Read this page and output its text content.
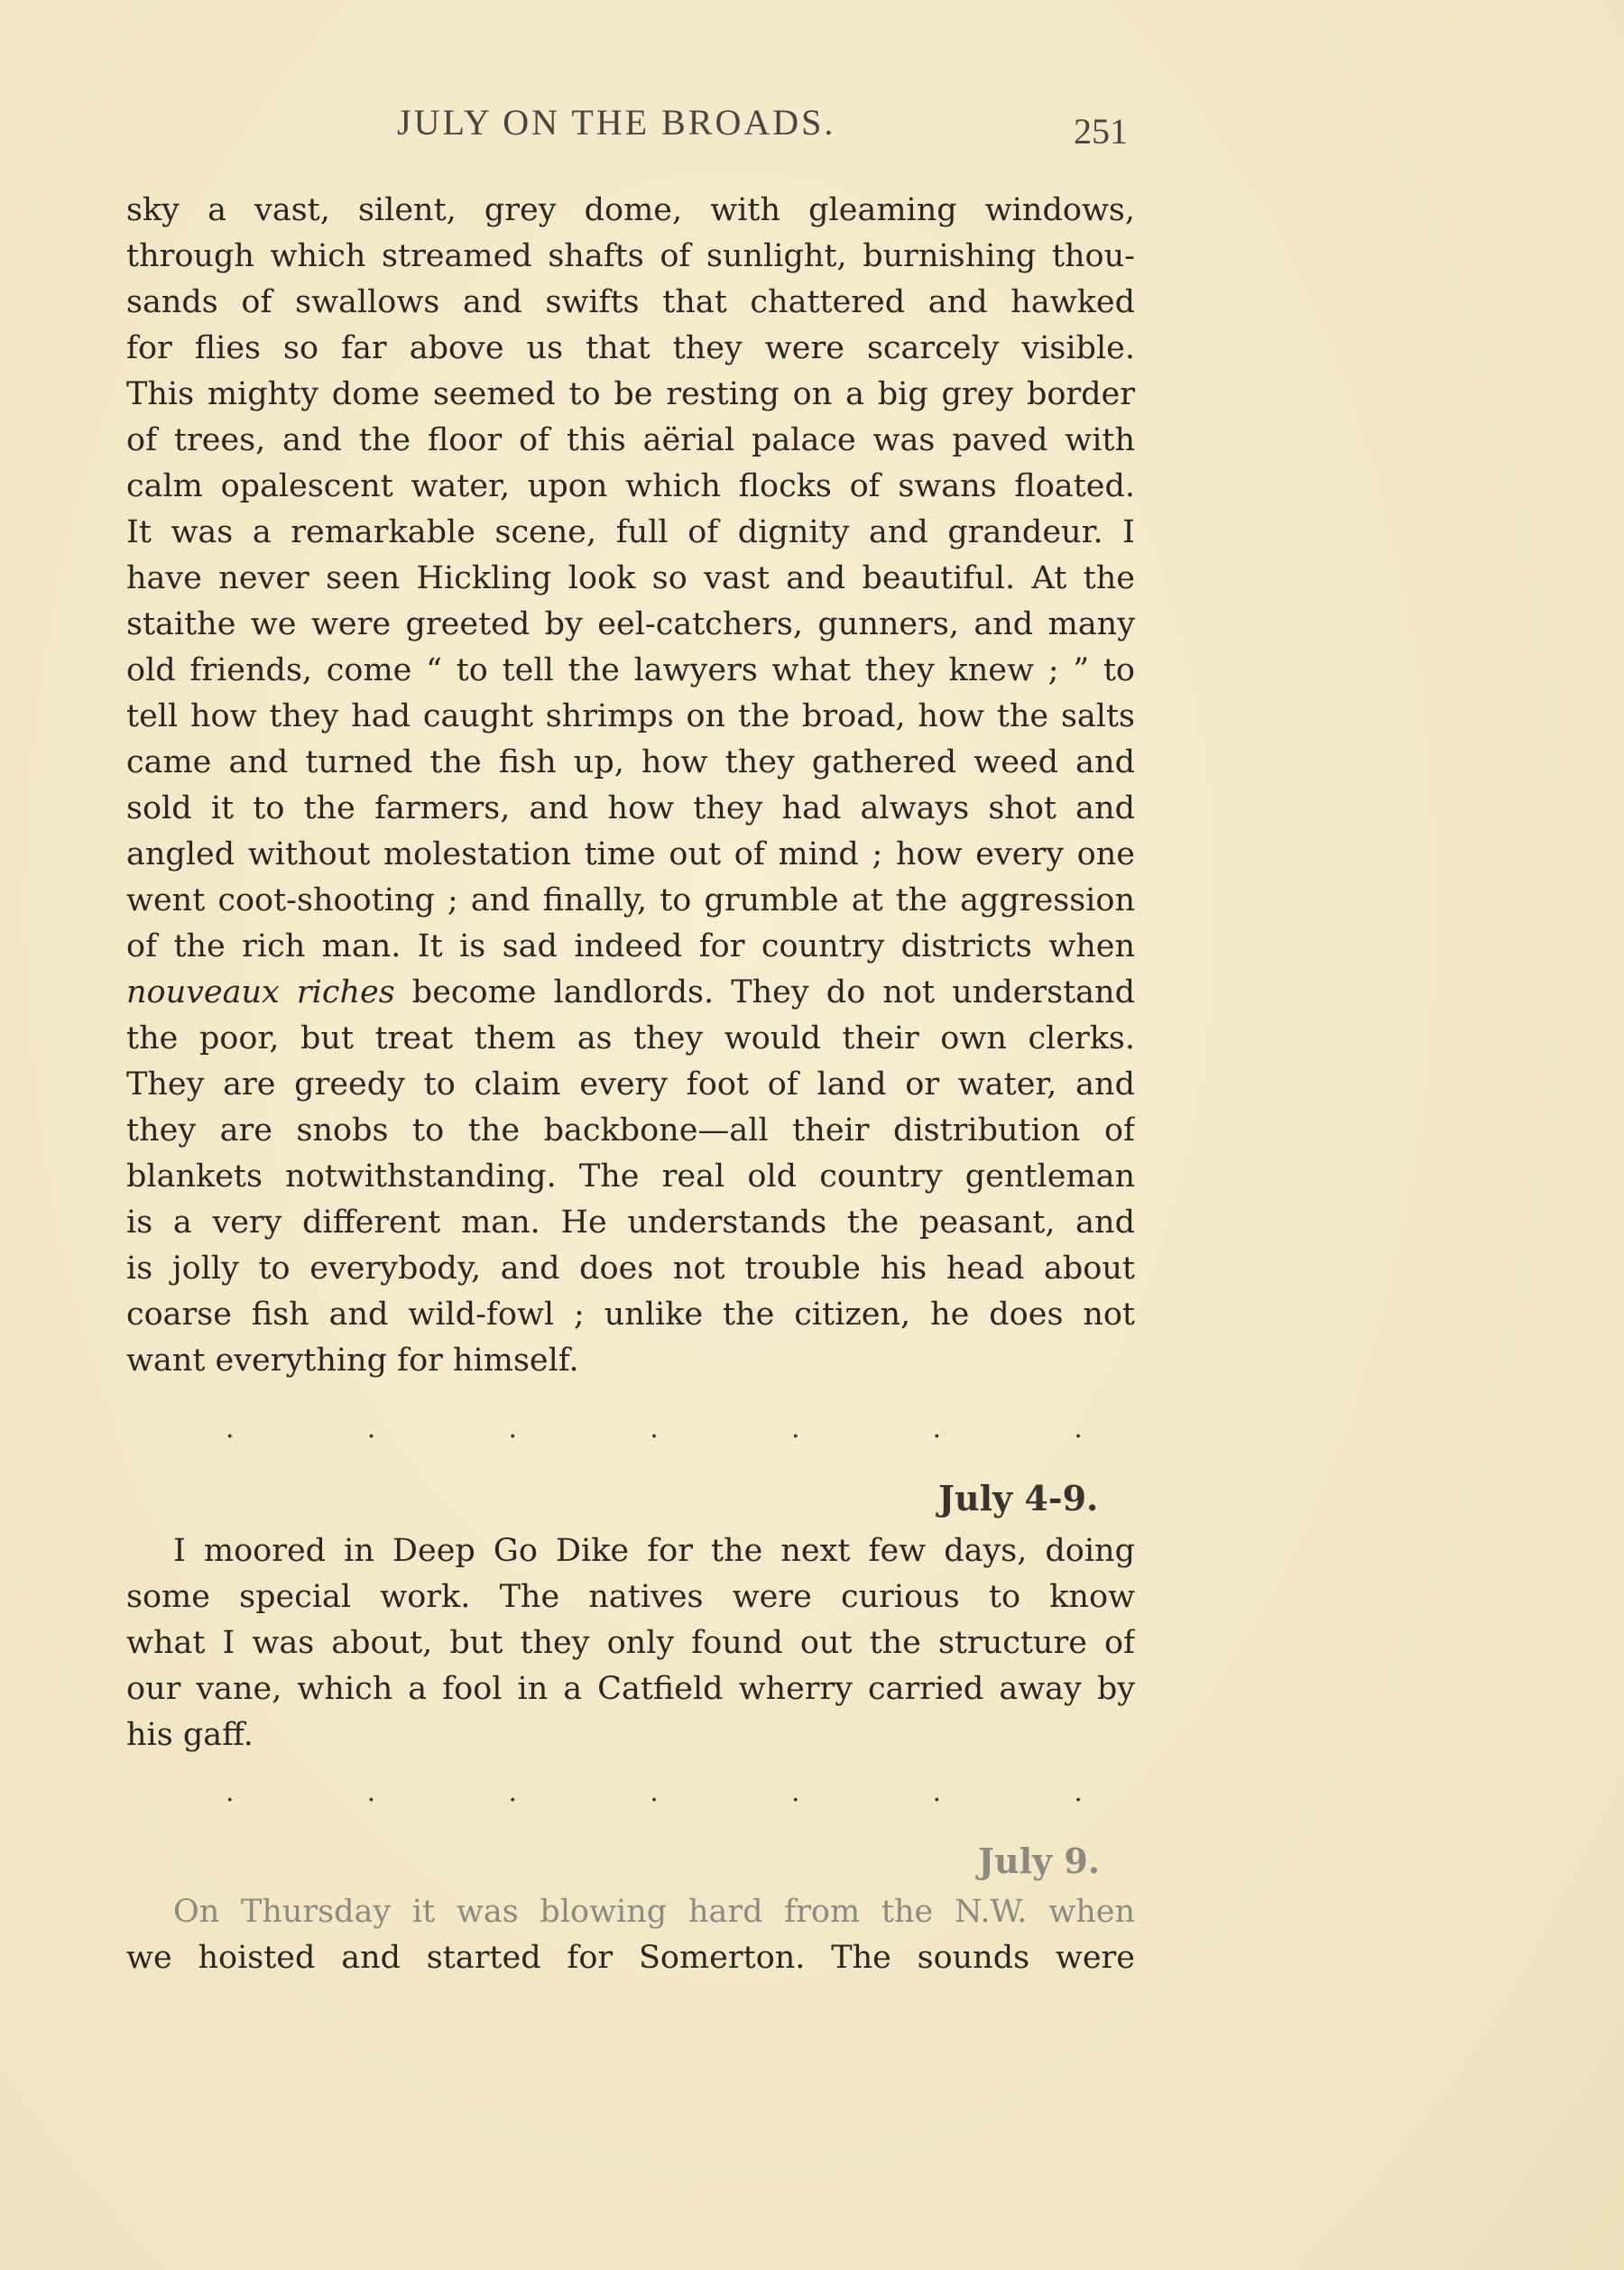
JULY ON THE BROADS.	251
sky a vast, silent, grey dome, with gleaming windows,
through which streamed shafts of sunlight, burnishing thou-
sands of swallows and swifts that chattered and hawked
for flies so far above us that they were scarcely visible.
This mighty dome seemed to be resting on a big grey border
of trees, and the floor of this aërial palace was paved with
calm opalescent water, upon which flocks of swans floated.
It was a remarkable scene, full of dignity and grandeur. I
have never seen Hickling look so vast and beautiful. At the
staithe we were greeted by eel-catchers, gunners, and many
old friends, come “ to tell the lawyers what they knew ; ” to
tell how they had caught shrimps on the broad, how the salts
came and turned the fish up, how they gathered weed and
sold it to the farmers, and how they had always shot and
angled without molestation time out of mind ; how every one
went coot-shooting ; and finally, to grumble at the aggression
of the rich man. It is sad indeed for country districts when
nouveaux riches become landlords. They do not understand
the poor, but treat them as they would their own clerks.
They are greedy to claim every foot of land or water, and
they are snobs to the backbone—all their distribution of
blankets notwithstanding. The real old country gentleman
is a very different man. He understands the peasant, and
is jolly to everybody, and does not trouble his head about
coarse fish and wild-fowl ; unlike the citizen, he does not
want everything for himself.
·	·	·	·	·	·	·
July 4-9.
I moored in Deep Go Dike for the next few days, doing
some special work. The natives were curious to know
what I was about, but they only found out the structure of
our vane, which a fool in a Catfield wherry carried away by
his gaff.
·	·	·	·	·	·	·
July 9.
On Thursday it was blowing hard from the N.W. when
we hoisted and started for Somerton. The sounds were
